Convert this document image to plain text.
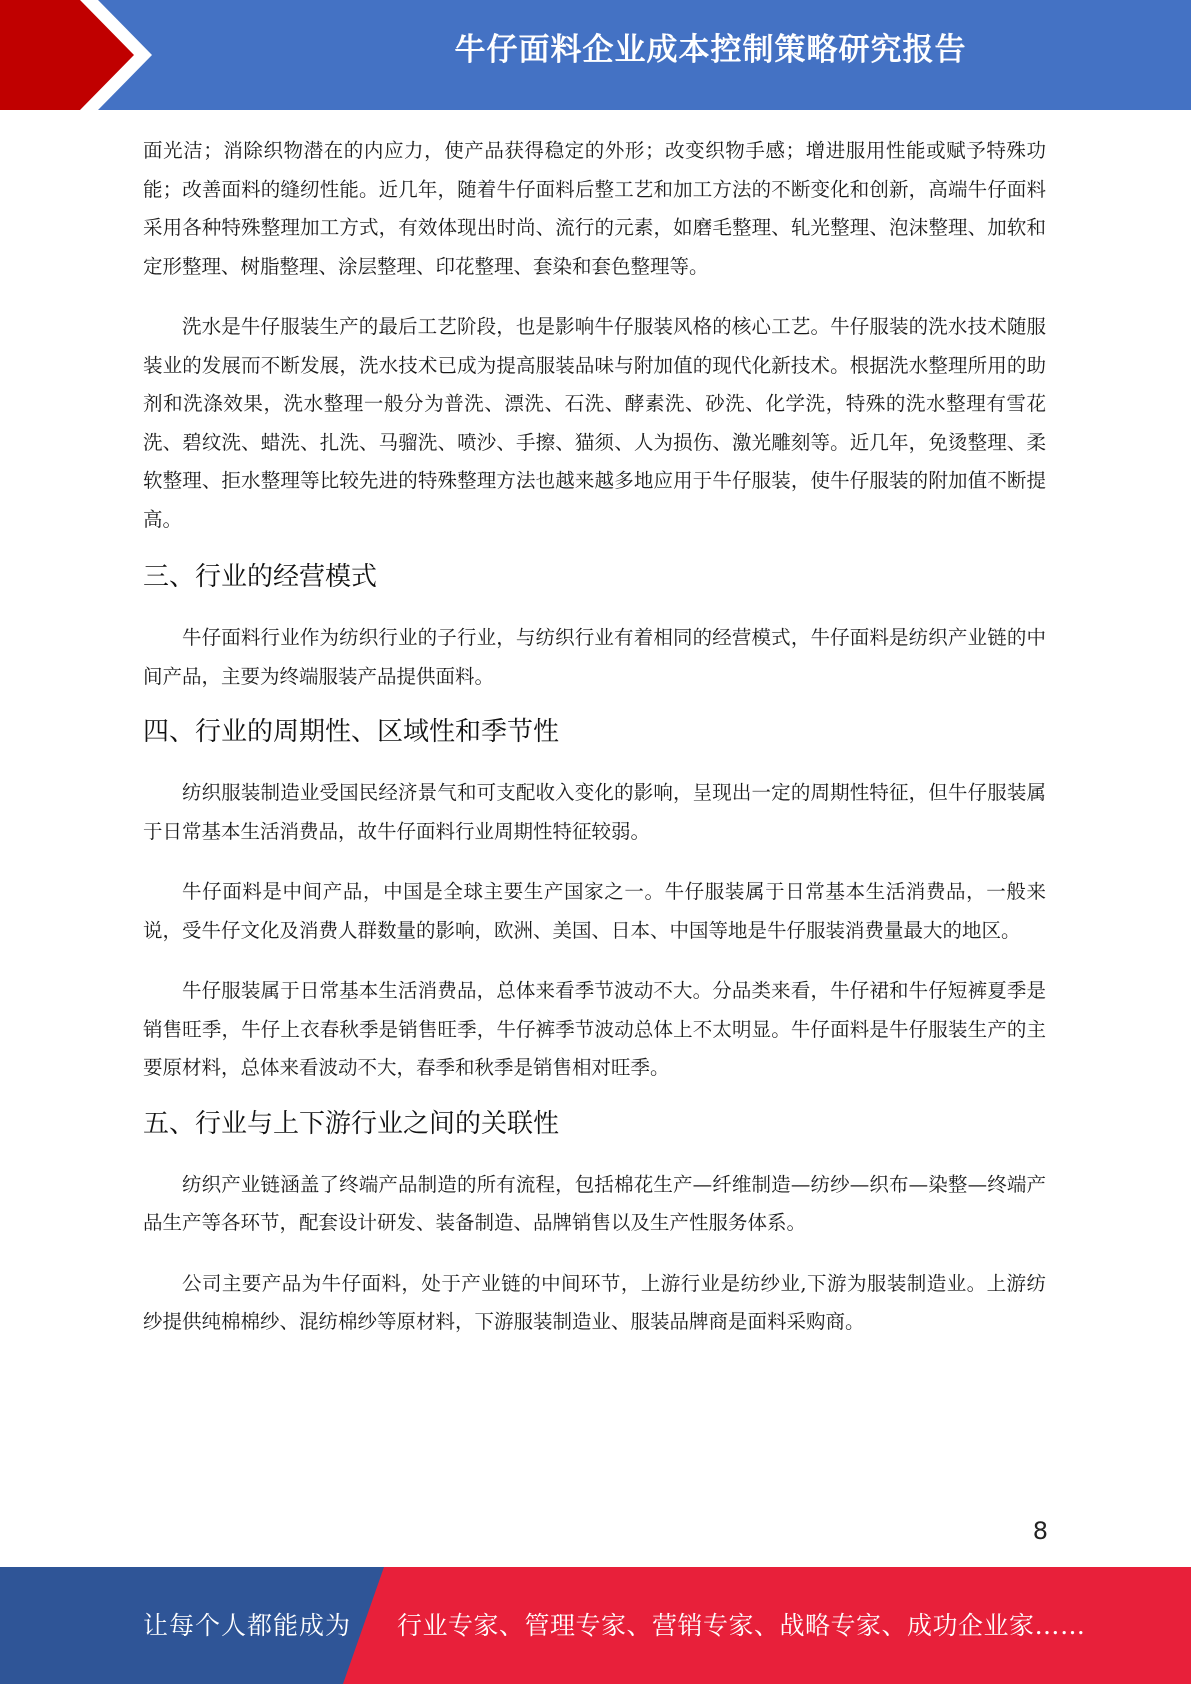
牛仔面料企业成本控制策略研究报告

面光洁；消除织物潜在的内应力，使产品获得稳定的外形；改变织物手感；增进服用性能或赋予特殊功能；改善面料的缝纫性能。近几年，随着牛仔面料后整工艺和加工方法的不断变化和创新，高端牛仔面料采用各种特殊整理加工方式，有效体现出时尚、流行的元素，如磨毛整理、轧光整理、泡沫整理、加软和定形整理、树脂整理、涂层整理、印花整理、套染和套色整理等。

洗水是牛仔服装生产的最后工艺阶段，也是影响牛仔服装风格的核心工艺。牛仔服装的洗水技术随服装业的发展而不断发展，洗水技术已成为提高服装品味与附加值的现代化新技术。根据洗水整理所用的助剂和洗涤效果，洗水整理一般分为普洗、漂洗、石洗、酵素洗、砂洗、化学洗，特殊的洗水整理有雪花洗、碧纹洗、蜡洗、扎洗、马骝洗、喷沙、手擦、猫须、人为损伤、激光雕刻等。近几年，免烫整理、柔软整理、拒水整理等比较先进的特殊整理方法也越来越多地应用于牛仔服装，使牛仔服装的附加值不断提高。

三、行业的经营模式

牛仔面料行业作为纺织行业的子行业，与纺织行业有着相同的经营模式，牛仔面料是纺织产业链的中间产品，主要为终端服装产品提供面料。

四、行业的周期性、区域性和季节性

纺织服装制造业受国民经济景气和可支配收入变化的影响，呈现出一定的周期性特征，但牛仔服装属于日常基本生活消费品，故牛仔面料行业周期性特征较弱。

牛仔面料是中间产品，中国是全球主要生产国家之一。牛仔服装属于日常基本生活消费品，一般来说，受牛仔文化及消费人群数量的影响，欧洲、美国、日本、中国等地是牛仔服装消费量最大的地区。

牛仔服装属于日常基本生活消费品，总体来看季节波动不大。分品类来看，牛仔裙和牛仔短裤夏季是销售旺季，牛仔上衣春秋季是销售旺季，牛仔裤季节波动总体上不太明显。牛仔面料是牛仔服装生产的主要原材料，总体来看波动不大，春季和秋季是销售相对旺季。

五、行业与上下游行业之间的关联性

纺织产业链涵盖了终端产品制造的所有流程，包括棉花生产—纤维制造—纺纱—织布—染整—终端产品生产等各环节，配套设计研发、装备制造、品牌销售以及生产性服务体系。

公司主要产品为牛仔面料，处于产业链的中间环节，上游行业是纺纱业,下游为服装制造业。上游纺纱提供纯棉棉纱、混纺棉纱等原材料，下游服装制造业、服装品牌商是面料采购商。

8
让每个人都能成为 行业专家、管理专家、营销专家、战略专家、成功企业家……
